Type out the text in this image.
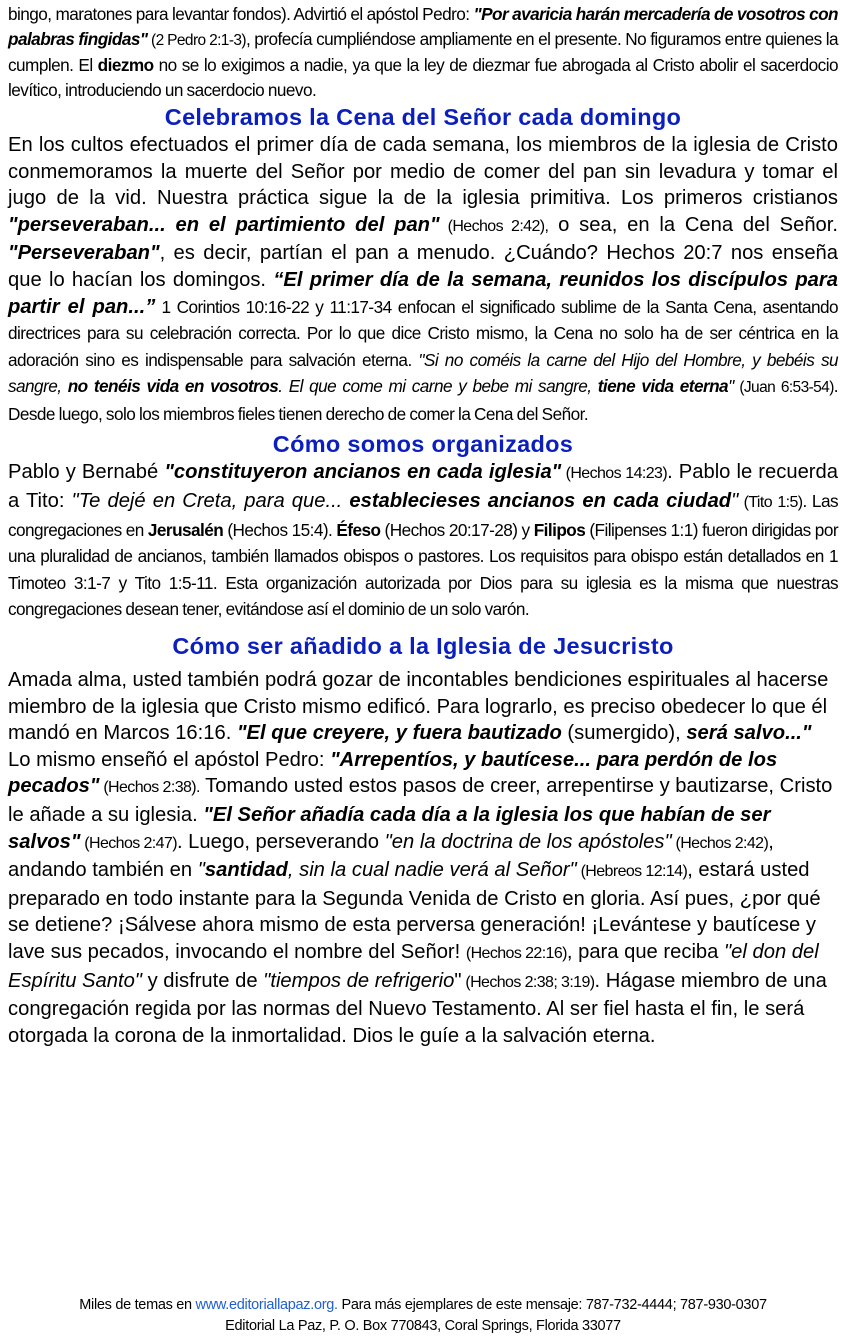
bingo, maratones para levantar fondos). Advirtió el apóstol Pedro: "Por avaricia harán mercadería de vosotros con palabras fingidas" (2 Pedro 2:1-3), profecía cumpliéndose ampliamente en el presente. No figuramos entre quienes la cumplen. El diezmo no se lo exigimos a nadie, ya que la ley de diezmar fue abrogada al Cristo abolir el sacerdocio levítico, introduciendo un sacerdocio nuevo.

Celebramos la Cena del Señor cada domingo

En los cultos efectuados el primer día de cada semana, los miembros de la iglesia de Cristo conmemoramos la muerte del Señor por medio de comer del pan sin levadura y tomar el jugo de la vid. Nuestra práctica sigue la de la iglesia primitiva. Los primeros cristianos "perseveraban... en el partimiento del pan" (Hechos 2:42), o sea, en la Cena del Señor. "Perseveraban", es decir, partían el pan a menudo. ¿Cuándo? Hechos 20:7 nos enseña que lo hacían los domingos. “El primer día de la semana, reunidos los discípulos para partir el pan...” 1 Corintios 10:16-22 y 11:17-34 enfocan el significado sublime de la Santa Cena, asentando directrices para su celebración correcta. Por lo que dice Cristo mismo, la Cena no solo ha de ser céntrica en la adoración sino es indispensable para salvación eterna. "Si no coméis la carne del Hijo del Hombre, y bebéis su sangre, no tenéis vida en vosotros. El que come mi carne y bebe mi sangre, tiene vida eterna" (Juan 6:53-54). Desde luego, solo los miembros fieles tienen derecho de comer la Cena del Señor.

Cómo somos organizados

Pablo y Bernabé "constituyeron ancianos en cada iglesia" (Hechos 14:23). Pablo le recuerda a Tito: "Te dejé en Creta, para que... establecieses ancianos en cada ciudad" (Tito 1:5). Las congregaciones en Jerusalén (Hechos 15:4). Éfeso (Hechos 20:17-28) y Filipos (Filipenses 1:1) fueron dirigidas por una pluralidad de ancianos, también llamados obispos o pastores. Los requisitos para obispo están detallados en 1 Timoteo 3:1-7 y Tito 1:5-11. Esta organización autorizada por Dios para su iglesia es la misma que nuestras congregaciones desean tener, evitándose así el dominio de un solo varón.

Cómo ser añadido a la Iglesia de Jesucristo

Amada alma, usted también podrá gozar de incontables bendiciones espirituales al hacerse miembro de la iglesia que Cristo mismo edificó. Para lograrlo, es preciso obedecer lo que él mandó en Marcos 16:16. "El que creyere, y fuera bautizado (sumergido), será salvo..." Lo mismo enseñó el apóstol Pedro: "Arrepentíos, y bautícese... para perdón de los pecados" (Hechos 2:38). Tomando usted estos pasos de creer, arrepentirse y bautizarse, Cristo le añade a su iglesia. "El Señor añadía cada día a la iglesia los que habían de ser salvos" (Hechos 2:47). Luego, perseverando "en la doctrina de los apóstoles" (Hechos 2:42), andando también en "santidad, sin la cual nadie verá al Señor" (Hebreos 12:14), estará usted preparado en todo instante para la Segunda Venida de Cristo en gloria. Así pues, ¿por qué se detiene? ¡Sálvese ahora mismo de esta perversa generación! ¡Levántese y bautícese y lave sus pecados, invocando el nombre del Señor! (Hechos 22:16), para que reciba "el don del Espíritu Santo" y disfrute de "tiempos de refrigerio" (Hechos 2:38; 3:19). Hágase miembro de una congregación regida por las normas del Nuevo Testamento. Al ser fiel hasta el fin, le será otorgada la corona de la inmortalidad. Dios le guíe a la salvación eterna.

Miles de temas en www.editoriallapaz.org. Para más ejemplares de este mensaje: 787-732-4444; 787-930-0307
Editorial La Paz, P. O. Box 770843, Coral Springs, Florida 33077
